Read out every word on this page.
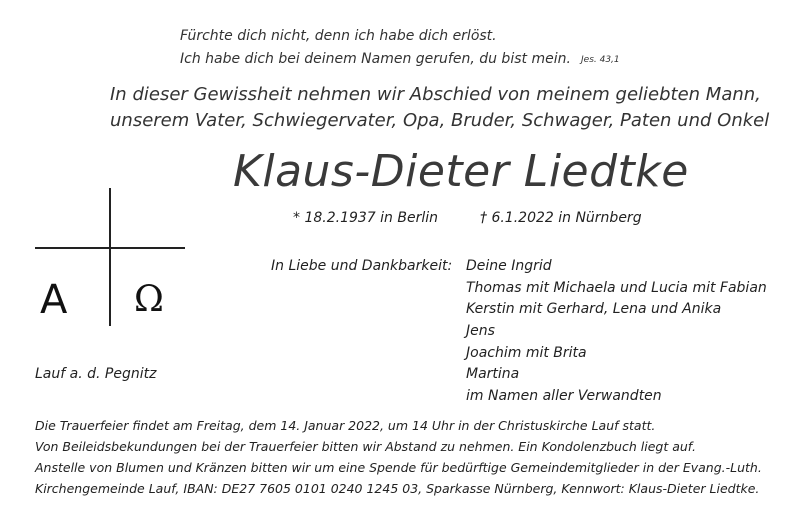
Fürchte dich nicht, denn ich habe dich erlöst.
Ich habe dich bei deinem Namen gerufen, du bist mein. Jes. 43,1
In dieser Gewissheit nehmen wir Abschied von meinem geliebten Mann,
unserem Vater, Schwiegervater, Opa, Bruder, Schwager, Paten und Onkel
Klaus-Dieter Liedtke
* 18.2.1937 in Berlin	† 6.1.2022 in Nürnberg
A Ω
Lauf a. d. Pegnitz
In Liebe und Dankbarkeit: Deine Ingrid
Thomas mit Michaela und Lucia mit Fabian
Kerstin mit Gerhard, Lena und Anika
Jens
Joachim mit Brita
Martina
im Namen aller Verwandten
Die Trauerfeier findet am Freitag, dem 14. Januar 2022, um 14 Uhr in der Christuskirche Lauf statt.
Von Beileidsbekundungen bei der Trauerfeier bitten wir Abstand zu nehmen. Ein Kondolenzbuch liegt auf.
Anstelle von Blumen und Kränzen bitten wir um eine Spende für bedürftige Gemeindemitglieder in der Evang.-Luth.
Kirchengemeinde Lauf, IBAN: DE27 7605 0101 0240 1245 03, Sparkasse Nürnberg, Kennwort: Klaus-Dieter Liedtke.
